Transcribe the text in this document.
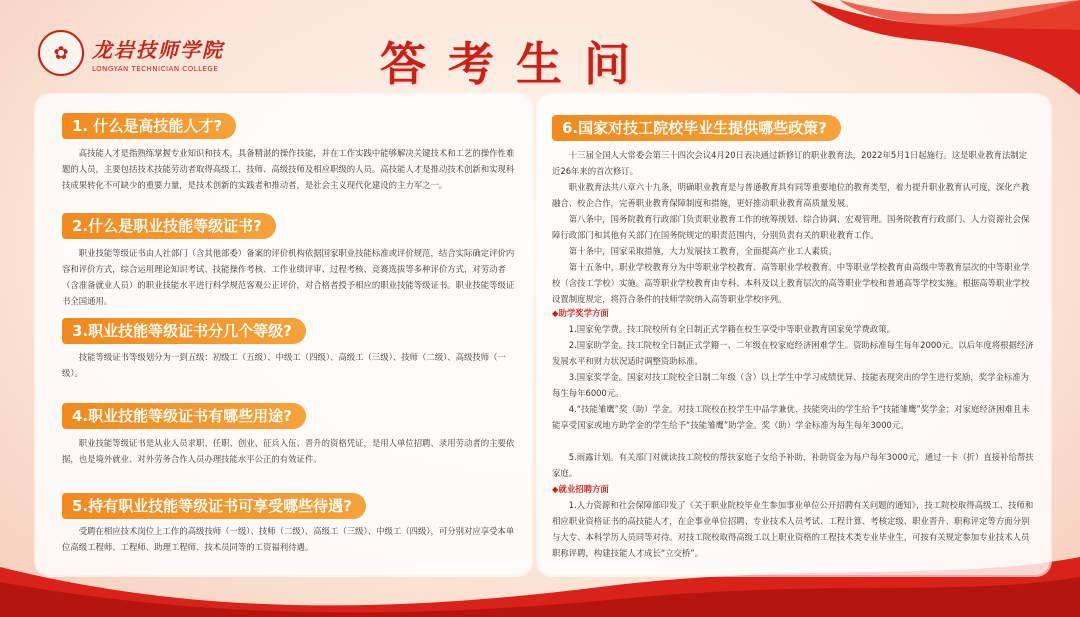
✿	龙岩技师学院
LONGYAN TECHNICIAN COLLEGE	答考生问
1. 什么是高技能人才?
高技能人才是指熟练掌握专业知识和技术，具备精湛的操作技能，并在工作实践中能够解决关键技术和工艺的操作性难题的人员，主要包括技术技能劳动者取得高级工、技师、高级技师及相应职级的人员。高技能人才是推动技术创新和实现科技成果转化不可缺少的重要力量，是技术创新的实践者和推动者，是社会主义现代化建设的主力军之一。
2.什么是职业技能等级证书?
职业技能等级证书由人社部门（含其他部委）备案的评价机构依据国家职业技能标准或评价规范，结合实际确定评价内容和评价方式，综合运用理论知识考试、技能操作考核、工作业绩评审、过程考核、竞赛选拔等多种评价方式，对劳动者（含准备就业人员）的职业技能水平进行科学规范客观公正评价，对合格者授予相应的职业技能等级证书。职业技能等级证书全国通用。
3.职业技能等级证书分几个等级?
技能等级证书等级划分为一到五级：初级工（五级）、中级工（四级）、高级工（三级）、技师（二级）、高级技师（一级）。
4.职业技能等级证书有哪些用途?
职业技能等级证书是从业人员求职、任职、创业、征兵入伍、晋升的资格凭证，是用人单位招聘、录用劳动者的主要依据，也是境外就业、对外劳务合作人员办理技能水平公正的有效证件。
5.持有职业技能等级证书可享受哪些待遇?
受聘在相应技术岗位上工作的高级技师（一级）、技师（二级）、高级工（三级）、中级工（四级），可分别对应享受本单位高级工程师、工程师、助理工程师、技术员同等的工资福利待遇。
6.国家对技工院校毕业生提供哪些政策?
十三届全国人大常委会第三十四次会议4月20日表决通过新修订的职业教育法，2022年5月1日起施行。这是职业教育法制定近26年来的首次修订。
职业教育法共八章六十九条，明确职业教育是与普通教育具有同等重要地位的教育类型，着力提升职业教育认可度，深化产教融合、校企合作，完善职业教育保障制度和措施，更好推动职业教育高质量发展。
第八条中，国务院教育行政部门负责职业教育工作的统筹规划、综合协调、宏观管理。国务院教育行政部门、人力资源社会保障行政部门和其他有关部门在国务院规定的职责范围内，分别负责有关的职业教育工作。
第十条中，国家采取措施，大力发展技工教育，全面提高产业工人素质。
第十五条中，职业学校教育分为中等职业学校教育、高等职业学校教育。中等职业学校教育由高级中等教育层次的中等职业学校（含技工学校）实施。高等职业学校教育由专科、本科及以上教育层次的高等职业学校和普通高等学校实施。根据高等职业学校设置制度规定，将符合条件的技师学院纳入高等职业学校序列。
◆助学奖学方面
1.国家免学费。技工院校所有全日制正式学籍在校生享受中等职业教育国家免学费政策。
2.国家助学金。技工院校全日制正式学籍一、二年级在校家庭经济困难学生。资助标准每生每年2000元。以后年度将根据经济发展水平和财力状况适时调整资助标准。
3.国家奖学金。国家对技工院校全日制二年级（含）以上学生中学习成绩优异、技能表现突出的学生进行奖励，奖学金标准为每生每年6000元。
4.“技能雏鹰”奖（助）学金。对技工院校在校学生中品学兼优、技能突出的学生给予“技能雏鹰”奖学金；对家庭经济困难且未能享受国家或地方助学金的学生给予“技能雏鹰”助学金。奖（助）学金标准为每生每年3000元。
5.雨露计划。有关部门对就读技工院校的帮扶家庭子女给予补助，补助资金为每户每年3000元，通过一卡（折）直接补给帮扶家庭。
◆就业招聘方面
1.人力资源和社会保障部印发了《关于职业院校毕业生参加事业单位公开招聘有关问题的通知》，技工院校取得高级工、技师和相应职业资格证书的高技能人才，在企事业单位招聘、专业技术人员考试、工程计算、考核定级、职业晋升、职称评定等方面分别与大专、本科学历人员同等对待。对技工院校取得高级工以上职业资格的工程技术类专业毕业生，可按有关规定参加专业技术人员职称评聘，构建技能人才成长“立交桥”。
